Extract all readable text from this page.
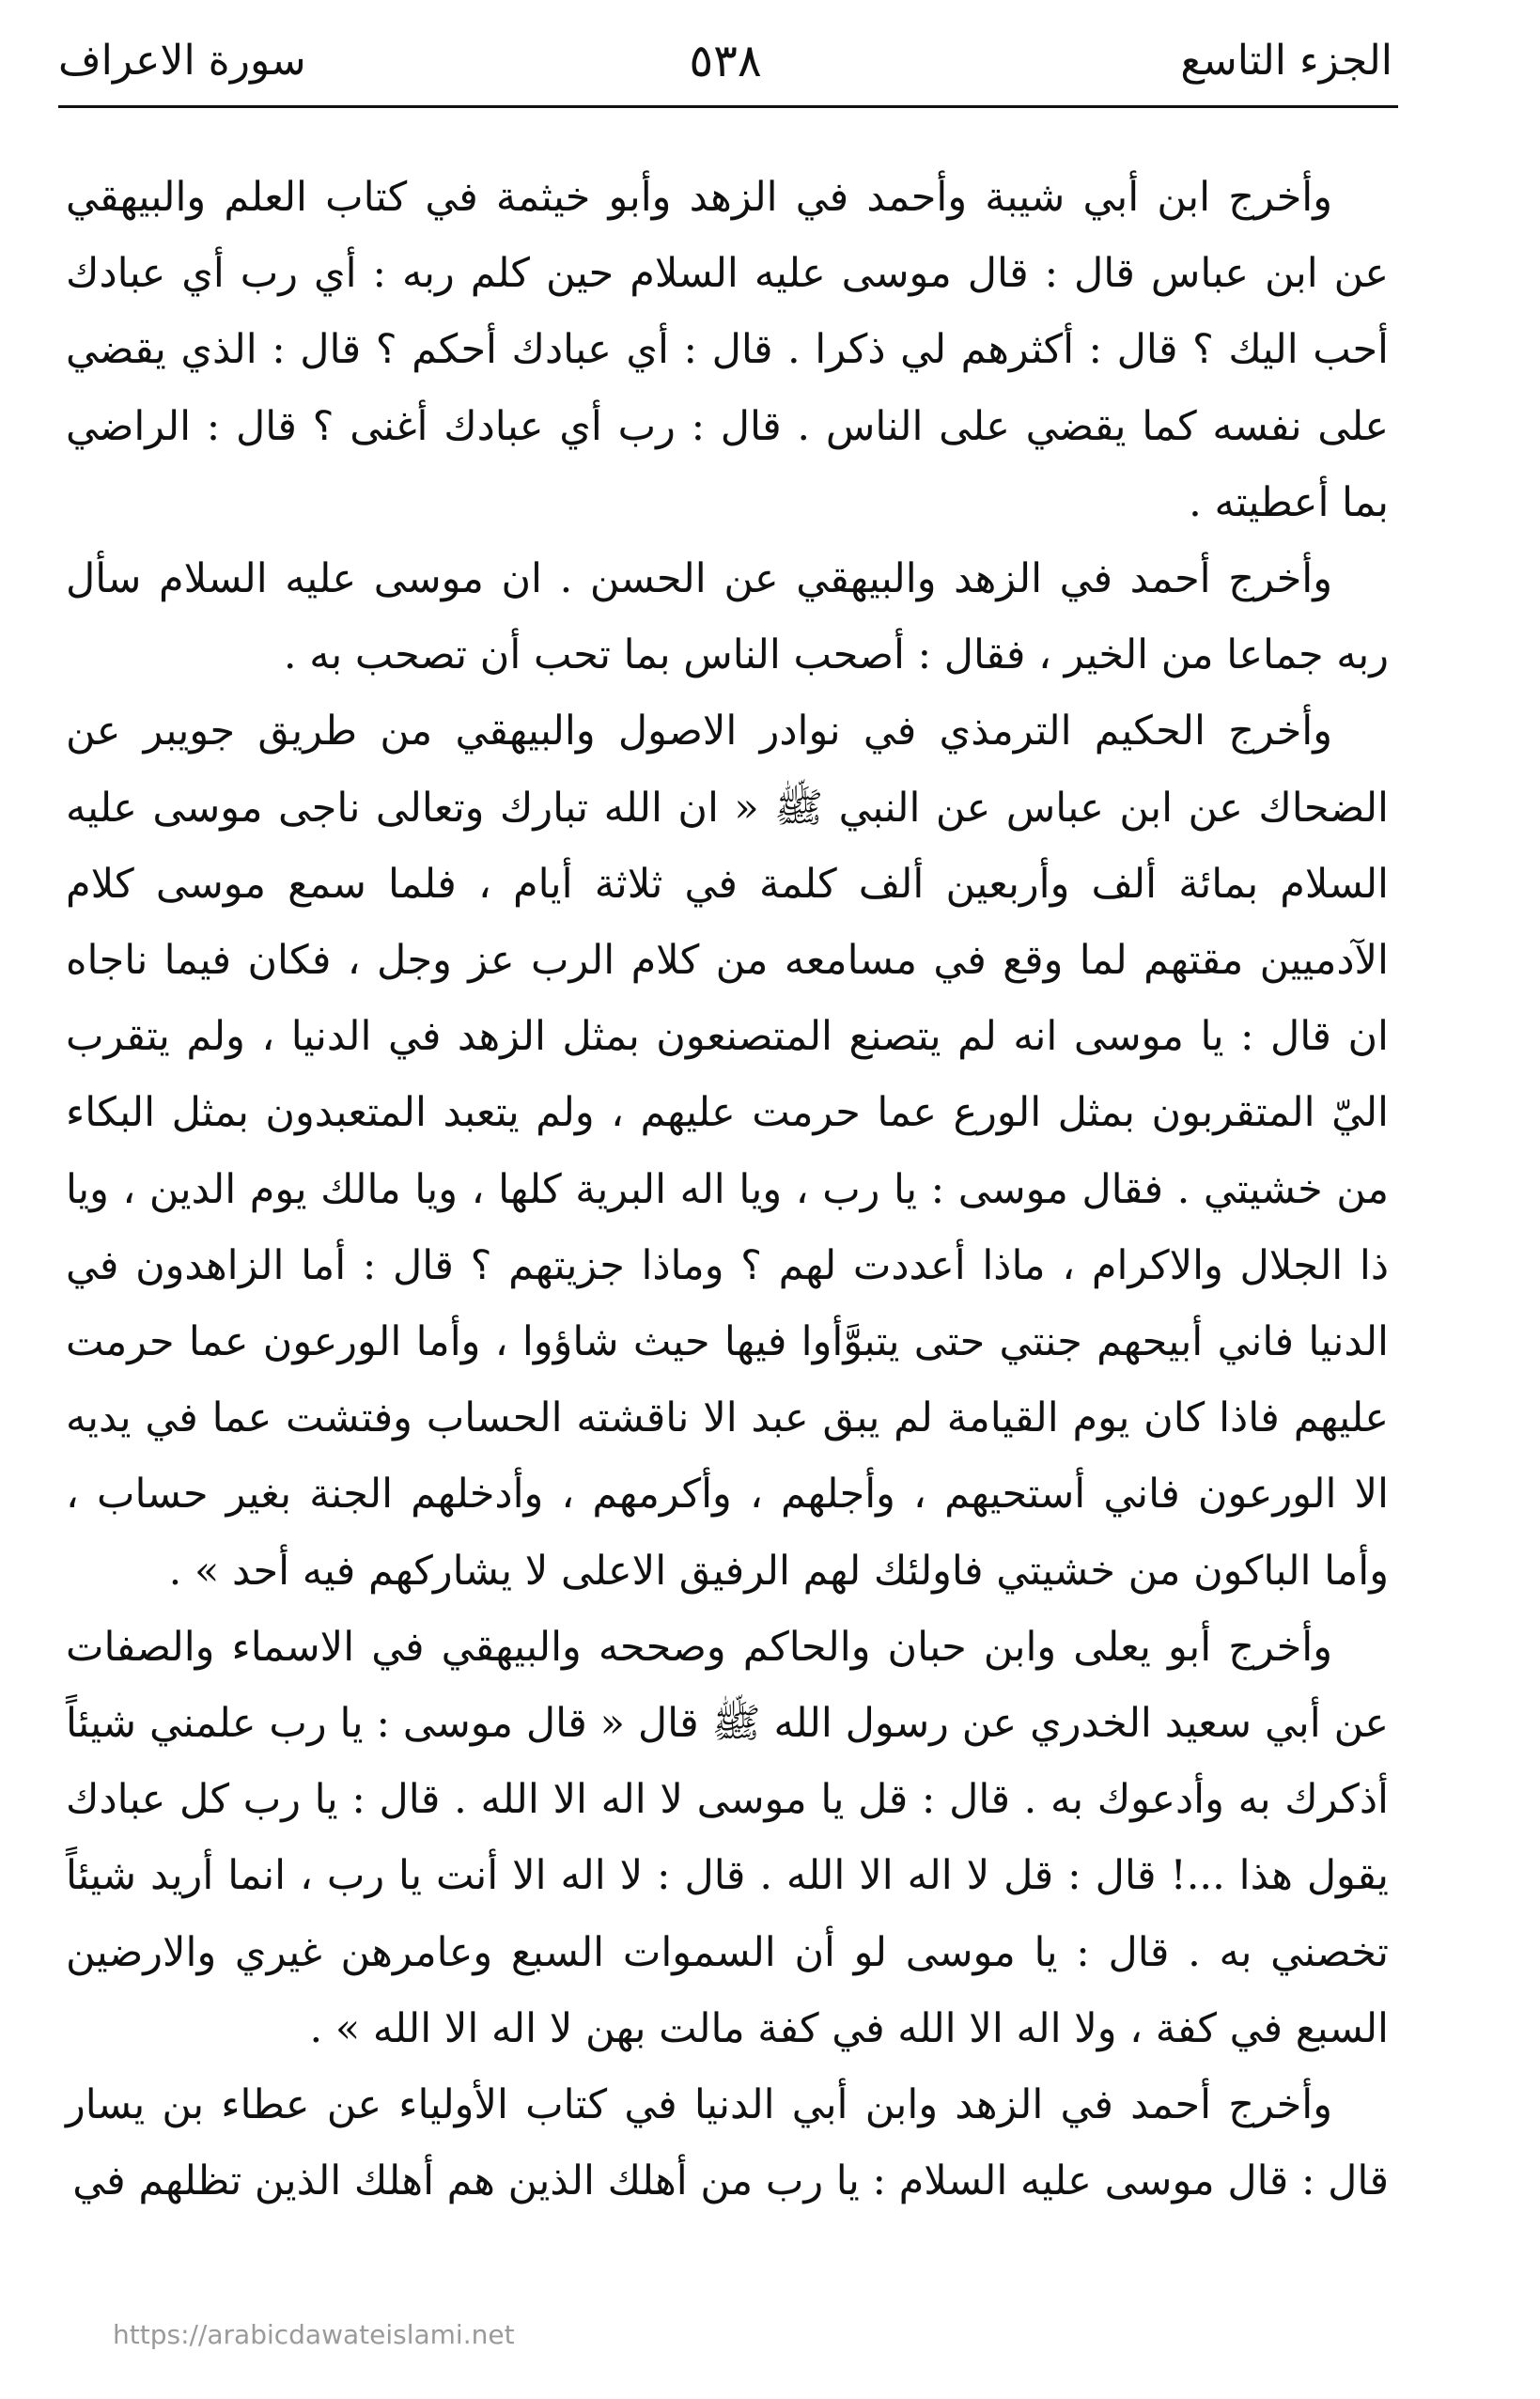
الجزء التاسع
٥٣٨
سورة الاعراف

وأخرج ابن أبي شيبة وأحمد في الزهد وأبو خيثمة في كتاب العلم والبيهقي عن ابن عباس قال : قال موسى عليه السلام حين كلم ربه : أي رب أي عبادك أحب اليك ؟ قال : أكثرهم لي ذكرا . قال : أي عبادك أحكم ؟ قال : الذي يقضي على نفسه كما يقضي على الناس . قال : رب أي عبادك أغنى ؟ قال : الراضي بما أعطيته .

وأخرج أحمد في الزهد والبيهقي عن الحسن . ان موسى عليه السلام سأل ربه جماعا من الخير ، فقال : أصحب الناس بما تحب أن تصحب به .

وأخرج الحكيم الترمذي في نوادر الاصول والبيهقي من طريق جويبر عن الضحاك عن ابن عباس عن النبي ﷺ « ان الله تبارك وتعالى ناجى موسى عليه السلام بمائة ألف وأربعين ألف كلمة في ثلاثة أيام ، فلما سمع موسى كلام الآدميين مقتهم لما وقع في مسامعه من كلام الرب عز وجل ، فكان فيما ناجاه ان قال : يا موسى انه لم يتصنع المتصنعون بمثل الزهد في الدنيا ، ولم يتقرب اليّ المتقربون بمثل الورع عما حرمت عليهم ، ولم يتعبد المتعبدون بمثل البكاء من خشيتي . فقال موسى : يا رب ، ويا اله البرية كلها ، ويا مالك يوم الدين ، ويا ذا الجلال والاكرام ، ماذا أعددت لهم ؟ وماذا جزيتهم ؟ قال : أما الزاهدون في الدنيا فاني أبيحهم جنتي حتى يتبوَّأوا فيها حيث شاؤوا ، وأما الورعون عما حرمت عليهم فاذا كان يوم القيامة لم يبق عبد الا ناقشته الحساب وفتشت عما في يديه الا الورعون فاني أستحيهم ، وأجلهم ، وأكرمهم ، وأدخلهم الجنة بغير حساب ، وأما الباكون من خشيتي فاولئك لهم الرفيق الاعلى لا يشاركهم فيه أحد » .

وأخرج أبو يعلى وابن حبان والحاكم وصححه والبيهقي في الاسماء والصفات عن أبي سعيد الخدري عن رسول الله ﷺ قال « قال موسى : يا رب علمني شيئاً أذكرك به وأدعوك به . قال : قل يا موسى لا اله الا الله . قال : يا رب كل عبادك يقول هذا ...! قال : قل لا اله الا الله . قال : لا اله الا أنت يا رب ، انما أريد شيئاً تخصني به . قال : يا موسى لو أن السموات السبع وعامرهن غيري والارضين السبع في كفة ، ولا اله الا الله في كفة مالت بهن لا اله الا الله » .

وأخرج أحمد في الزهد وابن أبي الدنيا في كتاب الأولياء عن عطاء بن يسار قال : قال موسى عليه السلام : يا رب من أهلك الذين هم أهلك الذين تظلهم في

https://arabicdawateislami.net
